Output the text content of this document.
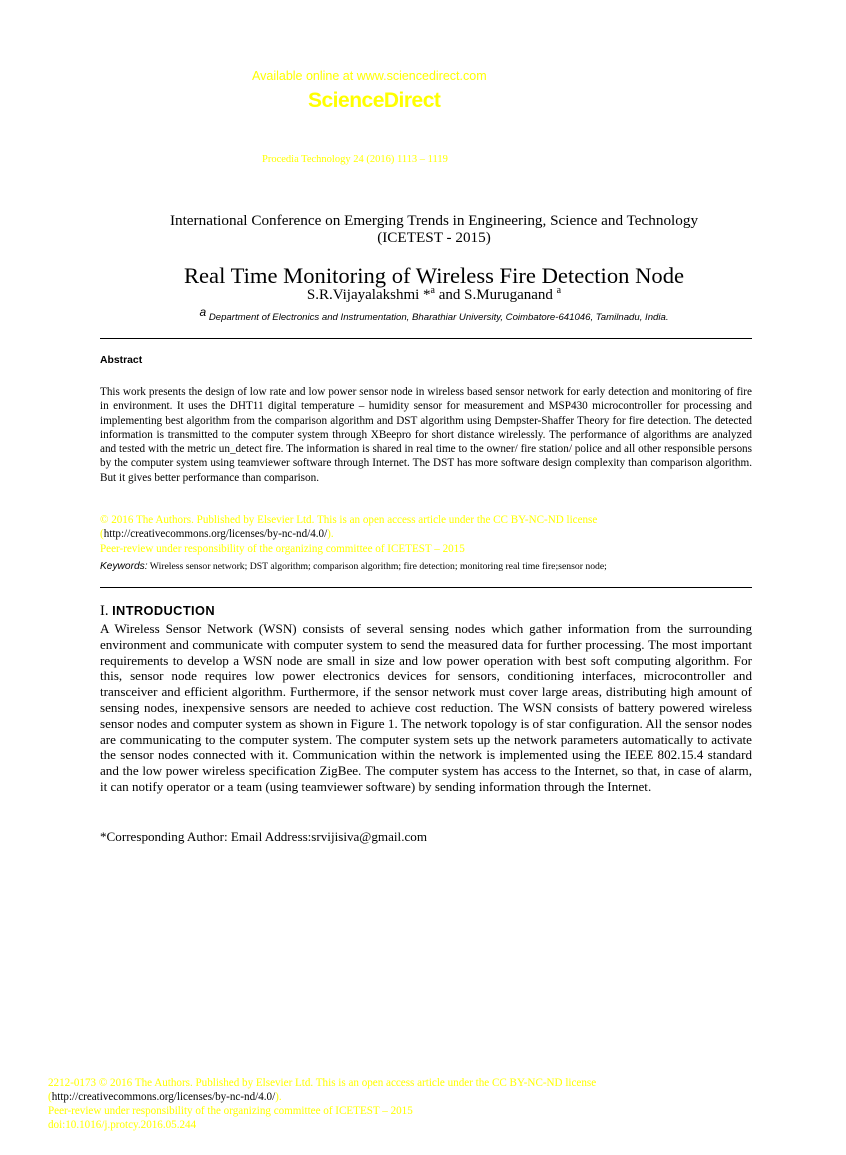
Available online at www.sciencedirect.com
ScienceDirect
Procedia Technology 24 (2016) 1113 – 1119
International Conference on Emerging Trends in Engineering, Science and Technology
(ICETEST - 2015)
Real Time Monitoring of Wireless Fire Detection Node
S.R.Vijayalakshmi *$^a$ and S.Muruganand $^a$
$^a$ Department of Electronics and Instrumentation, Bharathiar University, Coimbatore-641046, Tamilnadu, India.
Abstract
This work presents the design of low rate and low power sensor node in wireless based sensor network for early detection and monitoring of fire in environment. It uses the DHT11 digital temperature – humidity sensor for measurement and MSP430 microcontroller for processing and implementing best algorithm from the comparison algorithm and DST algorithm using Dempster-Shaffer Theory for fire detection. The detected information is transmitted to the computer system through XBeepro for short distance wirelessly. The performance of algorithms are analyzed and tested with the metric un_detect fire. The information is shared in real time to the owner/ fire station/ police and all other responsible persons by the computer system using teamviewer software through Internet. The DST has more software design complexity than comparison algorithm. But it gives better performance than comparison.
© 2016 The Authors. Published by Elsevier Ltd. This is an open access article under the CC BY-NC-ND license
(http://creativecommons.org/licenses/by-nc-nd/4.0/).
Peer-review under responsibility of the organizing committee of ICETEST – 2015
Keywords: Wireless sensor network; DST algorithm; comparison algorithm; fire detection; monitoring real time fire;sensor node;
I. INTRODUCTION
A Wireless Sensor Network (WSN) consists of several sensing nodes which gather information from the surrounding environment and communicate with computer system to send the measured data for further processing. The most important requirements to develop a WSN node are small in size and low power operation with best soft computing algorithm. For this, sensor node requires low power electronics devices for sensors, conditioning interfaces, microcontroller and transceiver and efficient algorithm. Furthermore, if the sensor network must cover large areas, distributing high amount of sensing nodes, inexpensive sensors are needed to achieve cost reduction. The WSN consists of battery powered wireless sensor nodes and computer system as shown in Figure 1. The network topology is of star configuration. All the sensor nodes are communicating to the computer system. The computer system sets up the network parameters automatically to activate the sensor nodes connected with it. Communication within the network is implemented using the IEEE 802.15.4 standard and the low power wireless specification ZigBee. The computer system has access to the Internet, so that, in case of alarm, it can notify operator or a team (using teamviewer software) by sending information through the Internet.
*Corresponding Author: Email Address:srvijisiva@gmail.com
2212-0173 © 2016 The Authors. Published by Elsevier Ltd. This is an open access article under the CC BY-NC-ND license
(http://creativecommons.org/licenses/by-nc-nd/4.0/).
Peer-review under responsibility of the organizing committee of ICETEST – 2015
doi:10.1016/j.protcy.2016.05.244
